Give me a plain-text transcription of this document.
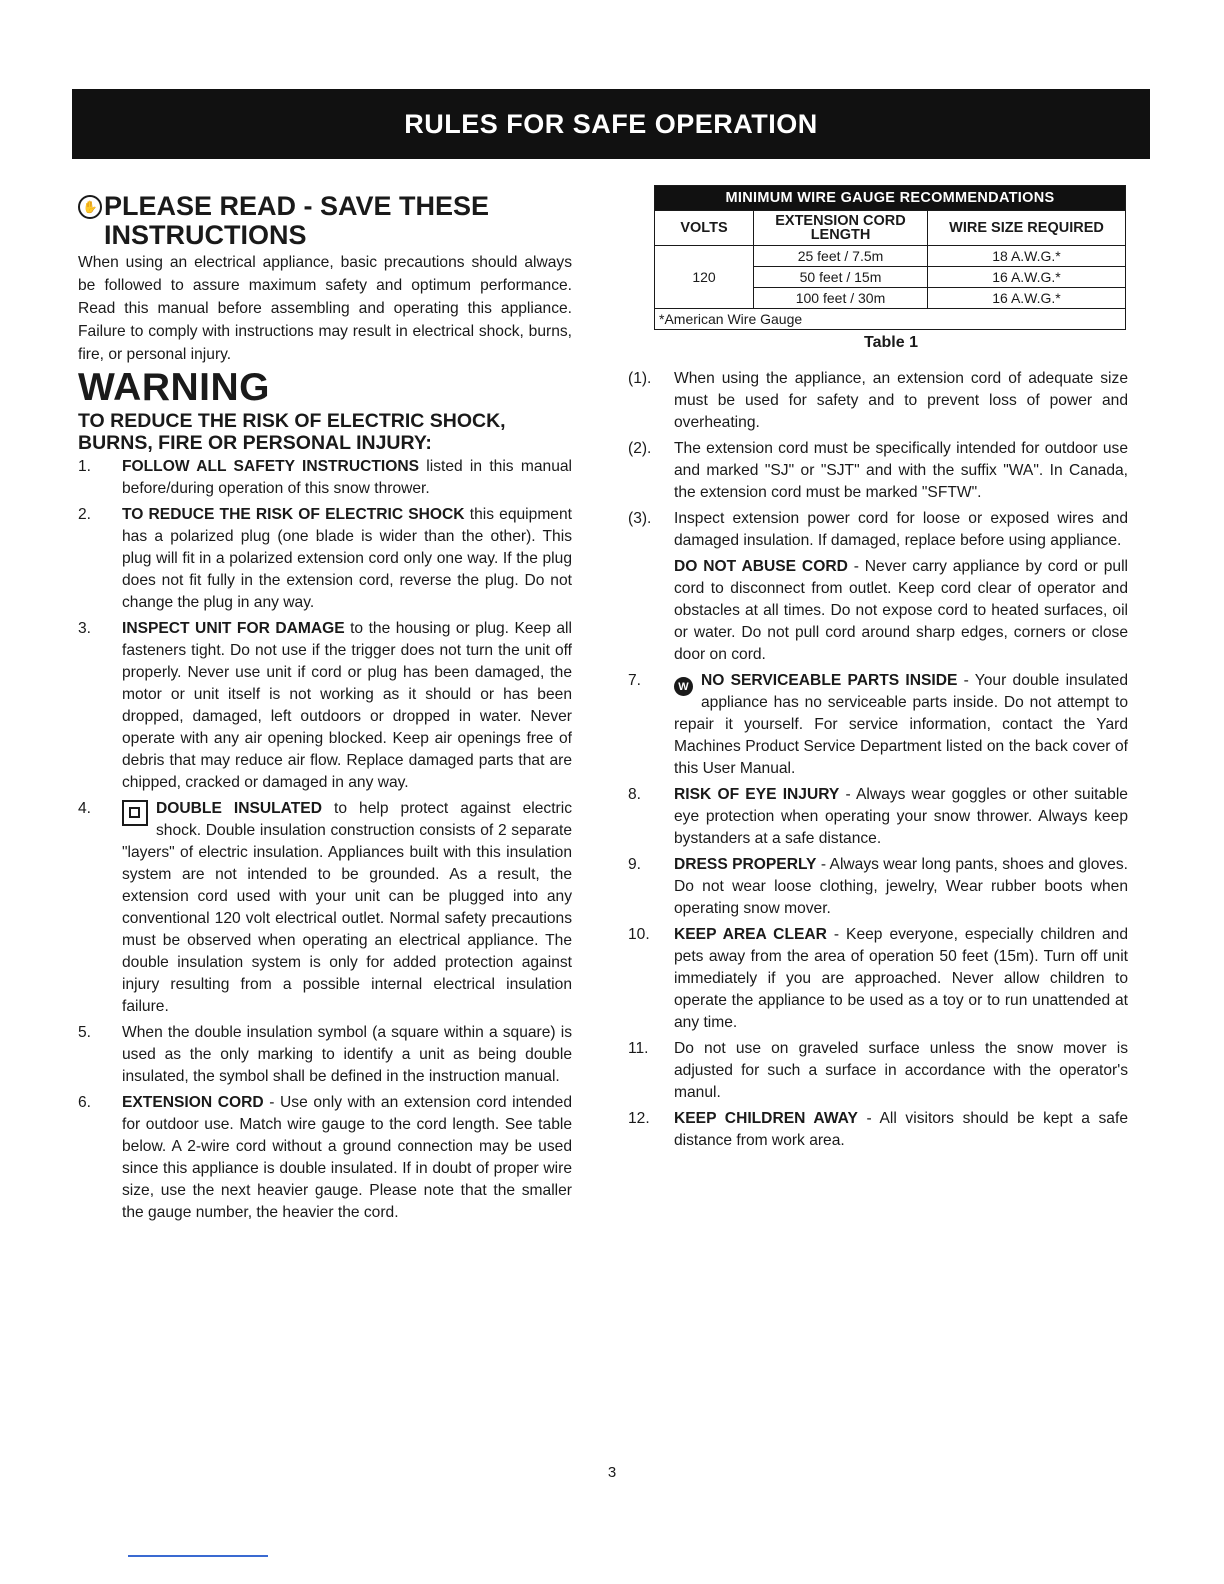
RULES FOR SAFE OPERATION
✋ PLEASE READ - SAVE THESE
INSTRUCTIONS

When using an electrical appliance, basic precautions should always be followed to assure maximum safety and optimum performance. Read this manual before assembling and operating this appliance. Failure to comply with instructions may result in electrical shock, burns, fire, or personal injury.

WARNING
TO REDUCE THE RISK OF ELECTRIC SHOCK, BURNS, FIRE OR PERSONAL INJURY:
1. FOLLOW ALL SAFETY INSTRUCTIONS listed in this manual before/during operation of this snow thrower.
2. TO REDUCE THE RISK OF ELECTRIC SHOCK this equipment has a polarized plug (one blade is wider than the other). This plug will fit in a polarized extension cord only one way. If the plug does not fit fully in the extension cord, reverse the plug. Do not change the plug in any way.
3. INSPECT UNIT FOR DAMAGE to the housing or plug. Keep all fasteners tight. Do not use if the trigger does not turn the unit off properly. Never use unit if cord or plug has been damaged, the motor or unit itself is not working as it should or has been dropped, damaged, left outdoors or dropped in water. Never operate with any air opening blocked. Keep air openings free of debris that may reduce air flow. Replace damaged parts that are chipped, cracked or damaged in any way.
4.	DOUBLE INSULATED to help protect against electric shock. Double insulation construction consists of 2 separate "layers" of electric insulation. Appliances built with this insulation system are not intended to be grounded. As a result, the extension cord used with your unit can be plugged into any conventional 120 volt electrical outlet. Normal safety precautions must be observed when operating an electrical appliance. The double insulation system is only for added protection against injury resulting from a possible internal electrical insulation failure.
5. When the double insulation symbol (a square within a square) is used as the only marking to identify a unit as being double insulated, the symbol shall be defined in the instruction manual.
6. EXTENSION CORD - Use only with an extension cord intended for outdoor use. Match wire gauge to the cord length. See table below. A 2-wire cord without a ground connection may be used since this appliance is double insulated. If in doubt of proper wire size, use the next heavier gauge. Please note that the smaller the gauge number, the heavier the cord.
MINIMUM WIRE GAUGE RECOMMENDATIONS		
VOLTS	EXTENSION CORD LENGTH	WIRE SIZE REQUIRED
120	25 feet / 7.5m	18 A.W.G.*
	50 feet / 15m	16 A.W.G.*
	100 feet / 30m	16 A.W.G.*
*American Wire Gauge		
Table 1
(1). When using the appliance, an extension cord of adequate size must be used for safety and to prevent loss of power and overheating.
(2). The extension cord must be specifically intended for outdoor use and marked "SJ" or "SJT" and with the suffix "WA". In Canada, the extension cord must be marked "SFTW".
(3). Inspect extension power cord for loose or exposed wires and damaged insulation. If damaged, replace before using appliance.

DO NOT ABUSE CORD - Never carry appliance by cord or pull cord to disconnect from outlet. Keep cord clear of operator and obstacles at all times. Do not expose cord to heated surfaces, oil or water. Do not pull cord around sharp edges, corners or close door on cord.

7.	W NO SERVICEABLE PARTS INSIDE - Your double insulated appliance has no serviceable parts inside. Do not attempt to repair it yourself. For service information, contact the Yard Machines Product Service Department listed on the back cover of this User Manual.
8. RISK OF EYE INJURY - Always wear goggles or other suitable eye protection when operating your snow thrower. Always keep bystanders at a safe distance.
9. DRESS PROPERLY - Always wear long pants, shoes and gloves. Do not wear loose clothing, jewelry, Wear rubber boots when operating snow mover.
10. KEEP AREA CLEAR - Keep everyone, especially children and pets away from the area of operation 50 feet (15m). Turn off unit immediately if you are approached. Never allow children to operate the appliance to be used as a toy or to run unattended at any time.
11. Do not use on graveled surface unless the snow mover is adjusted for such a surface in accordance with the operator's manul.
12. KEEP CHILDREN AWAY - All visitors should be kept a safe distance from work area.
3
